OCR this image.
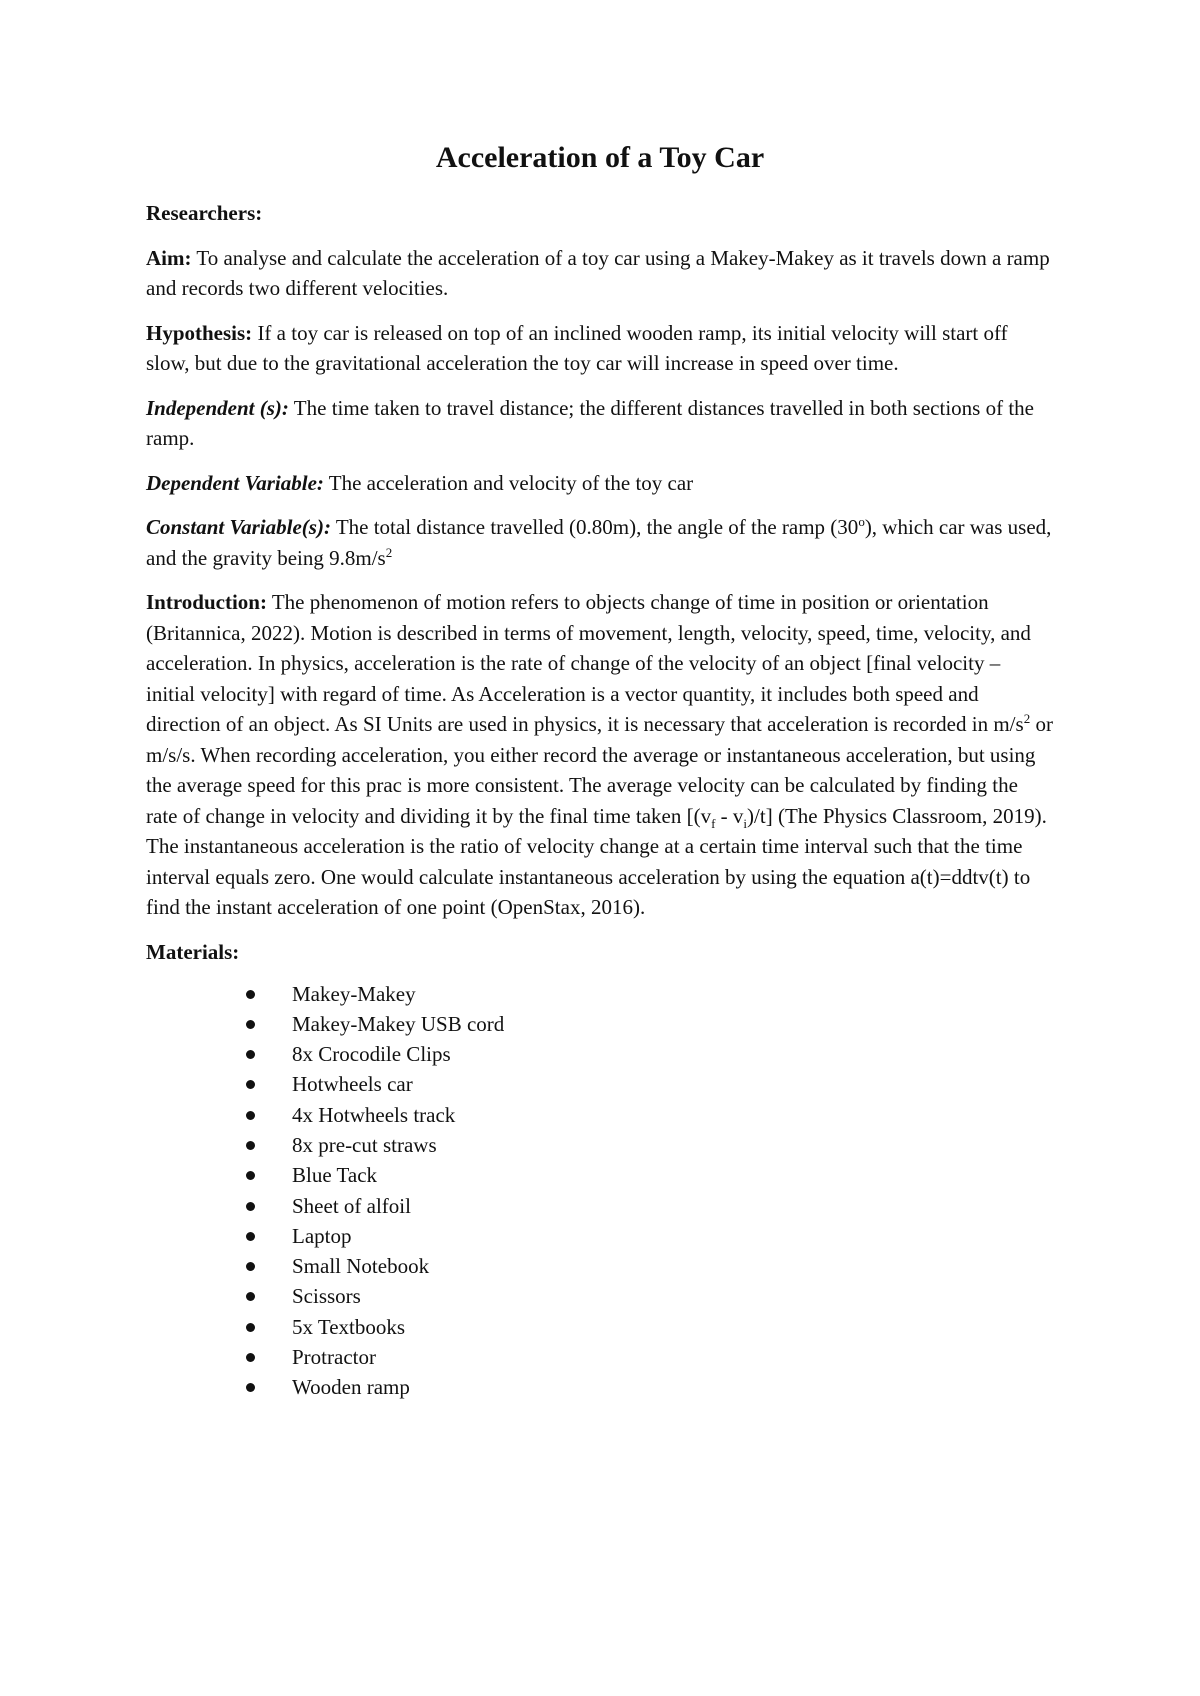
Acceleration of a Toy Car

Researchers:

Aim: To analyse and calculate the acceleration of a toy car using a Makey-Makey as it travels down a ramp and records two different velocities.

Hypothesis: If a toy car is released on top of an inclined wooden ramp, its initial velocity will start off slow, but due to the gravitational acceleration the toy car will increase in speed over time.

Independent (s): The time taken to travel distance; the different distances travelled in both sections of the ramp.

Dependent Variable: The acceleration and velocity of the toy car

Constant Variable(s): The total distance travelled (0.80m), the angle of the ramp (30$^o$), which car was used, and the gravity being $9.8m/s^2$

Introduction: The phenomenon of motion refers to objects change of time in position or orientation (Britannica, 2022). Motion is described in terms of movement, length, velocity, speed, time, velocity, and acceleration. In physics, acceleration is the rate of change of the velocity of an object [final velocity – initial velocity] with regard of time. As Acceleration is a vector quantity, it includes both speed and direction of an object. As SI Units are used in physics, it is necessary that acceleration is recorded in $m/s^2$ or m/s/s. When recording acceleration, you either record the average or instantaneous acceleration, but using the average speed for this prac is more consistent. The average velocity can be calculated by finding the rate of change in velocity and dividing it by the final time taken $[(v_f - v_i)/t]$ (The Physics Classroom, 2019). The instantaneous acceleration is the ratio of velocity change at a certain time interval such that the time interval equals zero. One would calculate instantaneous acceleration by using the equation a(t)=ddtv(t) to find the instant acceleration of one point (OpenStax, 2016).

Materials:
Makey-Makey
Makey-Makey USB cord
8x Crocodile Clips
Hotwheels car
4x Hotwheels track
8x pre-cut straws
Blue Tack
Sheet of alfoil
Laptop
Small Notebook
Scissors
5x Textbooks
Protractor
Wooden ramp
